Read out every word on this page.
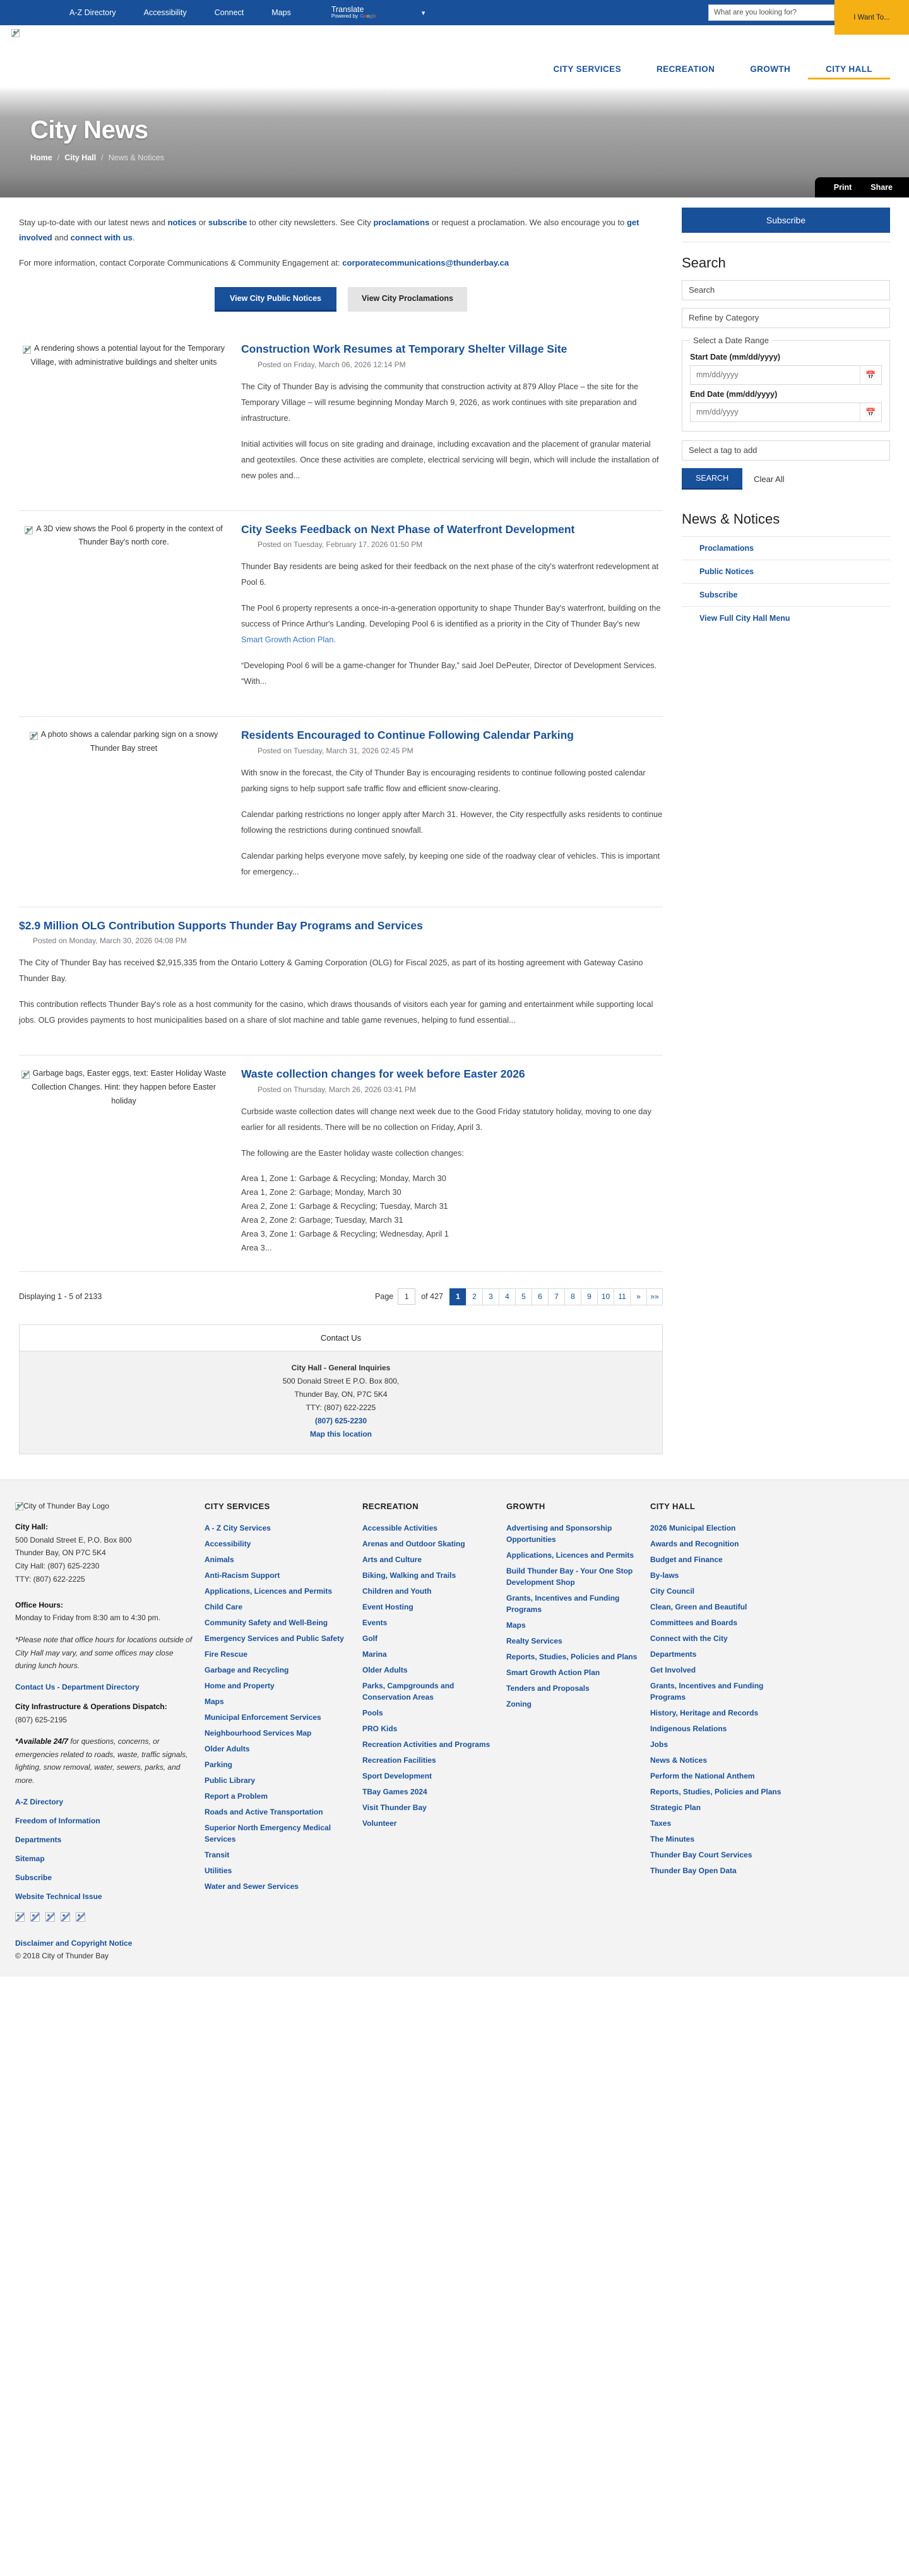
A-Z Directory	Accessibility	Connect	Maps	Translate
Powered by Google	▾	What are you looking for?
I Want To...
CITY SERVICES	RECREATION	GROWTH	CITY HALL
City News
Home / City Hall / News & Notices
Print Share

Stay up-to-date with our latest news and notices or subscribe to other city newsletters. See City proclamations or request a proclamation. We also encourage you to get involved and connect with us.

For more information, contact Corporate Communications & Community Engagement at: corporatecommunications@thunderbay.ca

View City Public Notices	View City Proclamations
A rendering shows a potential layout for the Temporary Village, with administrative buildings and shelter units
Construction Work Resumes at Temporary Shelter Village Site
Posted on Friday, March 06, 2026 12:14 PM

The City of Thunder Bay is advising the community that construction activity at 879 Alloy Place – the site for the Temporary Village – will resume beginning Monday March 9, 2026, as work continues with site preparation and infrastructure.

Initial activities will focus on site grading and drainage, including excavation and the placement of granular material and geotextiles. Once these activities are complete, electrical servicing will begin, which will include the installation of new poles and...

A 3D view shows the Pool 6 property in the context of Thunder Bay's north core.
City Seeks Feedback on Next Phase of Waterfront Development
Posted on Tuesday, February 17, 2026 01:50 PM

Thunder Bay residents are being asked for their feedback on the next phase of the city's waterfront redevelopment at Pool 6.

The Pool 6 property represents a once-in-a-generation opportunity to shape Thunder Bay's waterfront, building on the success of Prince Arthur's Landing. Developing Pool 6 is identified as a priority in the City of Thunder Bay's new Smart Growth Action Plan.

“Developing Pool 6 will be a game-changer for Thunder Bay,” said Joel DePeuter, Director of Development Services. “With...

A photo shows a calendar parking sign on a snowy Thunder Bay street
Residents Encouraged to Continue Following Calendar Parking
Posted on Tuesday, March 31, 2026 02:45 PM

With snow in the forecast, the City of Thunder Bay is encouraging residents to continue following posted calendar parking signs to help support safe traffic flow and efficient snow-clearing.

Calendar parking restrictions no longer apply after March 31. However, the City respectfully asks residents to continue following the restrictions during continued snowfall.

Calendar parking helps everyone move safely, by keeping one side of the roadway clear of vehicles. This is important for emergency...

$2.9 Million OLG Contribution Supports Thunder Bay Programs and Services
Posted on Monday, March 30, 2026 04:08 PM

The City of Thunder Bay has received $2,915,335 from the Ontario Lottery & Gaming Corporation (OLG) for Fiscal 2025, as part of its hosting agreement with Gateway Casino Thunder Bay.

This contribution reflects Thunder Bay's role as a host community for the casino, which draws thousands of visitors each year for gaming and entertainment while supporting local jobs. OLG provides payments to host municipalities based on a share of slot machine and table game revenues, helping to fund essential...

Garbage bags, Easter eggs, text: Easter Holiday Waste Collection Changes. Hint: they happen before Easter holiday
Waste collection changes for week before Easter 2026
Posted on Thursday, March 26, 2026 03:41 PM

Curbside waste collection dates will change next week due to the Good Friday statutory holiday, moving to one day earlier for all residents. There will be no collection on Friday, April 3.

The following are the Easter holiday waste collection changes:

Area 1, Zone 1: Garbage & Recycling; Monday, March 30
Area 1, Zone 2: Garbage; Monday, March 30
Area 2, Zone 1: Garbage & Recycling; Tuesday, March 31
Area 2, Zone 2: Garbage; Tuesday, March 31
Area 3, Zone 1: Garbage & Recycling; Wednesday, April 1
Area 3...
Displaying 1 - 5 of 2133	Page	1	of 427	1	2	3	4	5	6	7	8	9	10	11	»	»»
Contact Us
City Hall - General Inquiries
500 Donald Street E P.O. Box 800,
Thunder Bay, ON, P7C 5K4
TTY: (807) 622-2225
(807) 625-2230
Map this location
Subscribe
Search
Search
Refine by Category
Select a Date Range
Start Date (mm/dd/yyyy)
mm/dd/yyyy	📅
End Date (mm/dd/yyyy)
mm/dd/yyyy	📅
Select a tag to add
SEARCH	Clear All
News & Notices
Proclamations
Public Notices
Subscribe
View Full City Hall Menu
City of Thunder Bay Logo
City Hall:
500 Donald Street E, P.O. Box 800
Thunder Bay, ON P7C 5K4
City Hall: (807) 625-2230
TTY: (807) 622-2225

Office Hours:
Monday to Friday from 8:30 am to 4:30 pm.
*Please note that office hours for locations outside of City Hall may vary, and some offices may close during lunch hours.
Contact Us - Department Directory
City Infrastructure & Operations Dispatch:
(807) 625-2195
*Available 24/7 for questions, concerns, or emergencies related to roads, waste, traffic signals, lighting, snow removal, water, sewers, parks, and more.
A-Z Directory
Freedom of Information
Departments
Sitemap
Subscribe
Website Technical Issue
CITY SERVICES
A - Z City Services
Accessibility
Animals
Anti-Racism Support
Applications, Licences and Permits
Child Care
Community Safety and Well-Being
Emergency Services and Public Safety
Fire Rescue
Garbage and Recycling
Home and Property
Maps
Municipal Enforcement Services
Neighbourhood Services Map
Older Adults
Parking
Public Library
Report a Problem
Roads and Active Transportation
Superior North Emergency Medical Services
Transit
Utilities
Water and Sewer Services
RECREATION
Accessible Activities
Arenas and Outdoor Skating
Arts and Culture
Biking, Walking and Trails
Children and Youth
Event Hosting
Events
Golf
Marina
Older Adults
Parks, Campgrounds and Conservation Areas
Pools
PRO Kids
Recreation Activities and Programs
Recreation Facilities
Sport Development
TBay Games 2024
Visit Thunder Bay
Volunteer
GROWTH
Advertising and Sponsorship Opportunities
Applications, Licences and Permits
Build Thunder Bay - Your One Stop Development Shop
Grants, Incentives and Funding Programs
Maps
Realty Services
Reports, Studies, Policies and Plans
Smart Growth Action Plan
Tenders and Proposals
Zoning
CITY HALL
2026 Municipal Election
Awards and Recognition
Budget and Finance
By-laws
City Council
Clean, Green and Beautiful
Committees and Boards
Connect with the City
Departments
Get Involved
Grants, Incentives and Funding Programs
History, Heritage and Records
Indigenous Relations
Jobs
News & Notices
Perform the National Anthem
Reports, Studies, Policies and Plans
Strategic Plan
Taxes
The Minutes
Thunder Bay Court Services
Thunder Bay Open Data
Disclaimer and Copyright Notice
© 2018 City of Thunder Bay
